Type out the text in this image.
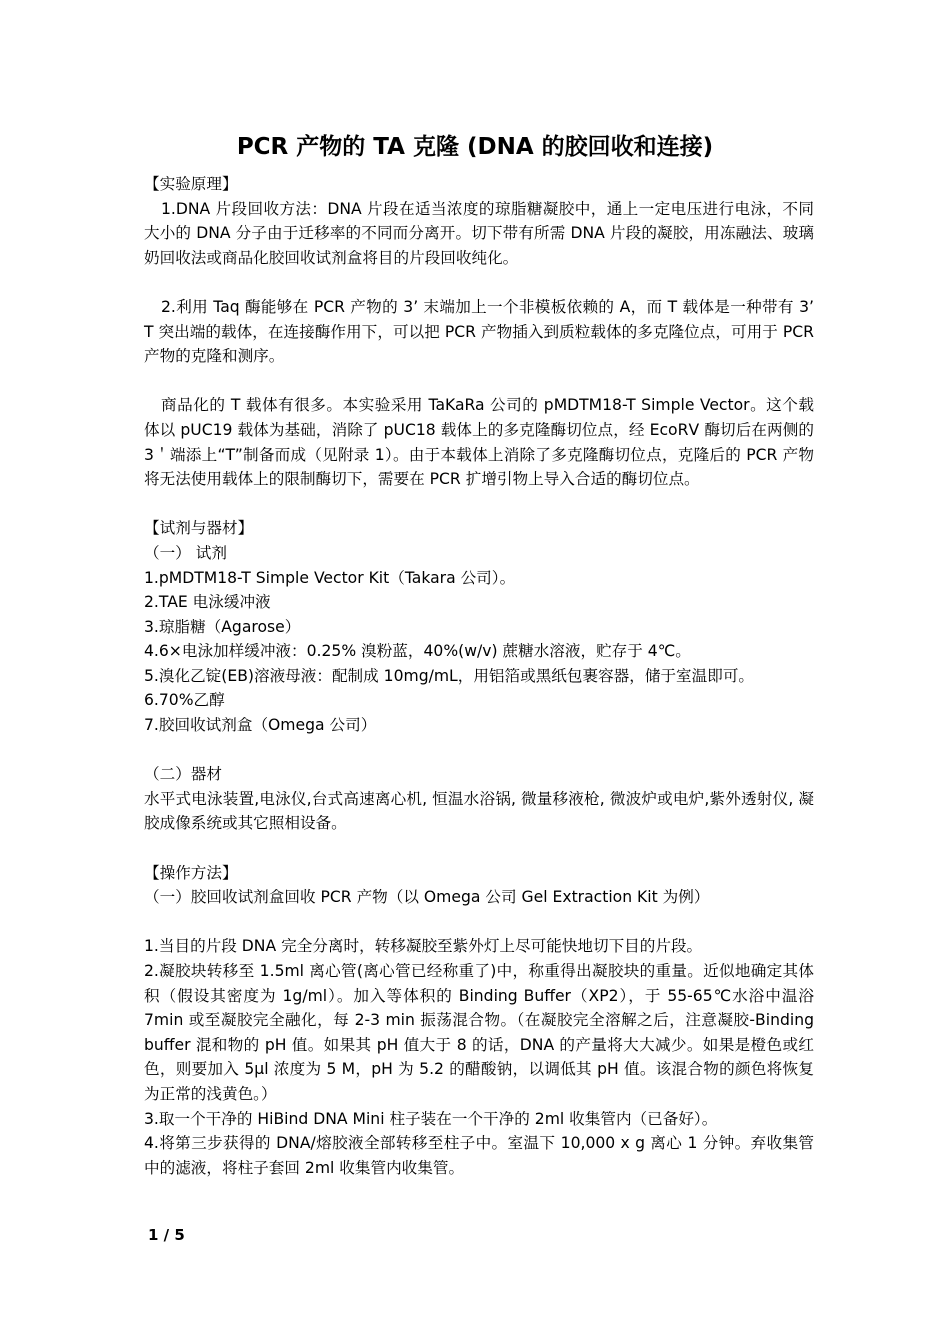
PCR 产物的 TA 克隆 (DNA 的胶回收和连接)

【实验原理】

1.DNA 片段回收方法：DNA 片段在适当浓度的琼脂糖凝胶中，通上一定电压进行电泳，不同大小的 DNA 分子由于迁移率的不同而分离开。切下带有所需 DNA 片段的凝胶，用冻融法、玻璃奶回收法或商品化胶回收试剂盒将目的片段回收纯化。

2.利用 Taq 酶能够在 PCR 产物的 3’ 末端加上一个非模板依赖的 A，而 T 载体是一种带有 3’ T 突出端的载体，在连接酶作用下，可以把 PCR 产物插入到质粒载体的多克隆位点，可用于 PCR 产物的克隆和测序。

商品化的 T 载体有很多。本实验采用 TaKaRa 公司的 pMDTM18-T Simple Vector。这个载体以 pUC19 载体为基础，消除了 pUC18 载体上的多克隆酶切位点，经 EcoRⅤ 酶切后在两侧的 3＇端添上“T”制备而成（见附录 1）。由于本载体上消除了多克隆酶切位点，克隆后的 PCR 产物将无法使用载体上的限制酶切下，需要在 PCR 扩增引物上导入合适的酶切位点。

【试剂与器材】

（一） 试剂

1.pMDTM18-T Simple Vector Kit（Takara 公司）。

2.TAE 电泳缓冲液

3.琼脂糖（Agarose）

4.6×电泳加样缓冲液：0.25% 溴粉蓝，40%(w/v) 蔗糖水溶液，贮存于 4℃。

5.溴化乙锭(EB)溶液母液：配制成 10mg/mL，用铝箔或黑纸包裹容器，储于室温即可。

6.70%乙醇

7.胶回收试剂盒（Omega 公司）

（二）器材

水平式电泳装置,电泳仪,台式高速离心机, 恒温水浴锅, 微量移液枪, 微波炉或电炉,紫外透射仪, 凝胶成像系统或其它照相设备。

【操作方法】

（一）胶回收试剂盒回收 PCR 产物（以 Omega 公司 Gel Extraction Kit 为例）

1.当目的片段 DNA 完全分离时，转移凝胶至紫外灯上尽可能快地切下目的片段。

2.凝胶块转移至 1.5ml 离心管(离心管已经称重了)中，称重得出凝胶块的重量。近似地确定其体积（假设其密度为 1g/ml）。加入等体积的 Binding Buffer（XP2），于 55-65℃水浴中温浴 7min 或至凝胶完全融化，每 2-3 min 振荡混合物。（在凝胶完全溶解之后，注意凝胶-Binding buffer 混和物的 pH 值。如果其 pH 值大于 8 的话，DNA 的产量将大大减少。如果是橙色或红色，则要加入 5μl 浓度为 5 M，pH 为 5.2 的醋酸钠，以调低其 pH 值。该混合物的颜色将恢复为正常的浅黄色。）

3.取一个干净的 HiBind DNA Mini 柱子装在一个干净的 2ml 收集管内（已备好）。

4.将第三步获得的 DNA/熔胶液全部转移至柱子中。室温下 10,000 x g 离心 1 分钟。弃收集管中的滤液，将柱子套回 2ml 收集管内收集管。

1 / 5
